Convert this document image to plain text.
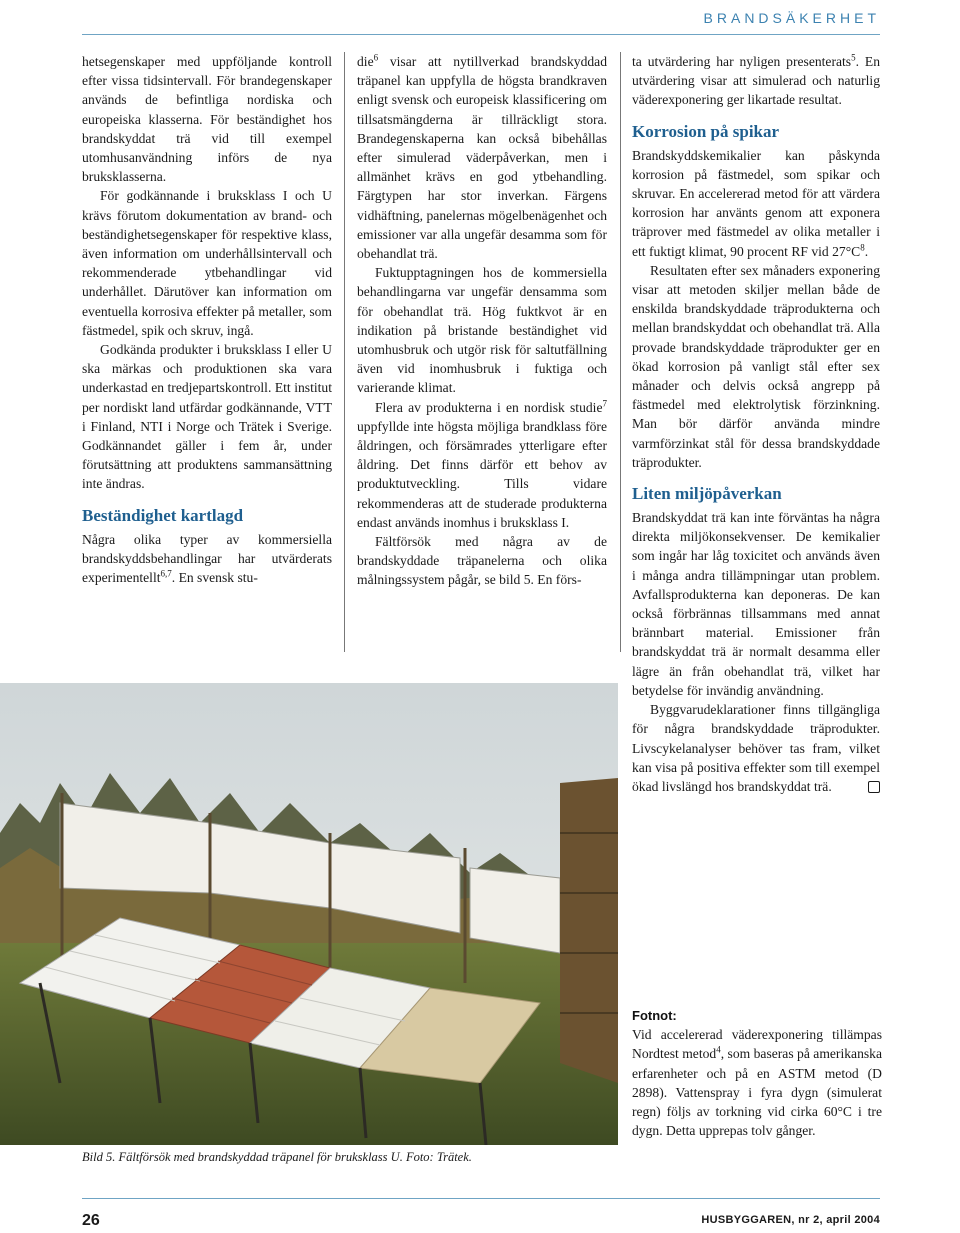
BRANDSÄKERHET

hetsegenskaper med uppföljande kontroll efter vissa tidsintervall. För brandegenskaper används de befintliga nordiska och europeiska klasserna. För beständighet hos brandskyddat trä vid till exempel utomhusanvändning införs de nya bruksklasserna.

För godkännande i bruksklass I och U krävs förutom dokumentation av brand- och beständighetsegenskaper för respektive klass, även information om underhållsintervall och rekommenderade ytbehandlingar vid underhållet. Därutöver kan information om eventuella korrosiva effekter på metaller, som fästmedel, spik och skruv, ingå.

Godkända produkter i bruksklass I eller U ska märkas och produktionen ska vara underkastad en tredjepartskontroll. Ett institut per nordiskt land utfärdar godkännande, VTT i Finland, NTI i Norge och Trätek i Sverige. Godkännandet gäller i fem år, under förutsättning att produktens sammansättning inte ändras.

Beständighet kartlagd

Några olika typer av kommersiella brandskyddsbehandlingar har utvärderats experimentellt$^{6,7}$. En svensk stu-

die$^6$ visar att nytillverkad brandskyddad träpanel kan uppfylla de högsta brandkraven enligt svensk och europeisk klassificering om tillsatsmängderna är tillräckligt stora. Brandegenskaperna kan också bibehållas efter simulerad väderpåverkan, men i allmänhet krävs en god ytbehandling. Färgtypen har stor inverkan. Färgens vidhäftning, panelernas mögelbenägenhet och emissioner var alla ungefär desamma som för obehandlat trä.

Fuktupptagningen hos de kommersiella behandlingarna var ungefär densamma som för obehandlat trä. Hög fuktkvot är en indikation på bristande beständighet vid utomhusbruk och utgör risk för saltutfällning även vid inomhusbruk i fuktiga och varierande klimat.

Flera av produkterna i en nordisk studie$^7$ uppfyllde inte högsta möjliga brandklass före åldringen, och försämrades ytterligare efter åldring. Det finns därför ett behov av produktutveckling. Tills vidare rekommenderas att de studerade produkterna endast används inomhus i bruksklass I.

Fältförsök med några av de brandskyddade träpanelerna och olika målningssystem pågår, se bild 5. En förs-

ta utvärdering har nyligen presenterats$^5$. En utvärdering visar att simulerad och naturlig väderexponering ger likartade resultat.

Korrosion på spikar

Brandskyddskemikalier kan påskynda korrosion på fästmedel, som spikar och skruvar. En accelererad metod för att värdera korrosion har använts genom att exponera träprover med fästmedel av olika metaller i ett fuktigt klimat, 90 procent RF vid $27^\circ C^8$.

Resultaten efter sex månaders exponering visar att metoden skiljer mellan både de enskilda brandskyddade träprodukterna och mellan brandskyddat och obehandlat trä. Alla provade brandskyddade träprodukter ger en ökad korrosion på vanligt stål efter sex månader och delvis också angrepp på fästmedel med elektrolytisk förzinkning. Man bör därför använda mindre varmförzinkat stål för dessa brandskyddade träprodukter.

Liten miljöpåverkan

Brandskyddat trä kan inte förväntas ha några direkta miljökonsekvenser. De kemikalier som ingår har låg toxicitet och används även i många andra tillämpningar utan problem. Avfallsprodukterna kan deponeras. De kan också förbrännas tillsammans med annat brännbart material. Emissioner från brandskyddat trä är normalt desamma eller lägre än från obehandlat trä, vilket har betydelse för invändig användning.

Byggvarudeklarationer finns tillgängliga för några brandskyddade träprodukter. Livscykelanalyser behöver tas fram, vilket kan visa på positiva effekter som till exempel ökad livslängd hos brandskyddat trä.

Bild 5. Fältförsök med brandskyddad träpanel för bruksklass U. Foto: Trätek.
Fotnot:

Vid accelererad väderexponering tillämpas Nordtest metod$^4$, som baseras på amerikanska erfarenheter och på en ASTM metod (D 2898). Vattenspray i fyra dygn (simulerat regn) följs av torkning vid cirka 60°C i tre dygn. Detta upprepas tolv gånger.

26	HUSBYGGAREN, nr 2, april 2004
